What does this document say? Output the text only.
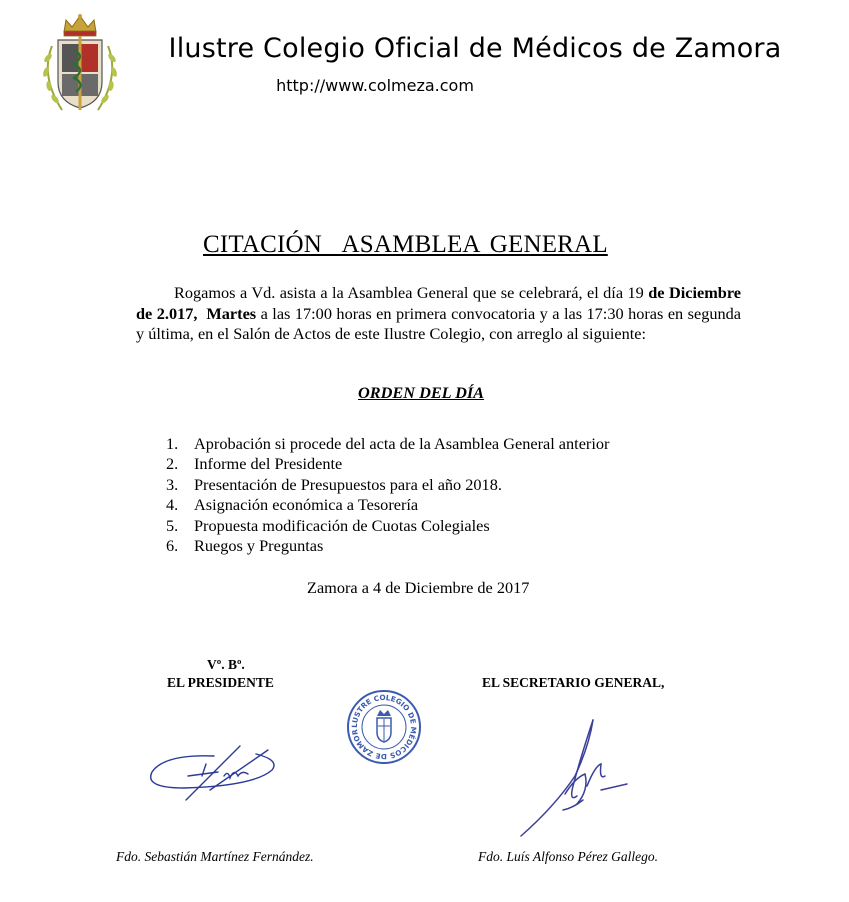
Ilustre Colegio Oficial de Médicos de Zamora
http://www.colmeza.com
CITACIÓN  ASAMBLEA GENERAL
Rogamos a Vd. asista a la Asamblea General que se celebrará, el día 19 de Diciembre de 2.017, Martes a las 17:00 horas en primera convocatoria y a las 17:30 horas en segunda y última, en el Salón de Actos de este Ilustre Colegio, con arreglo al siguiente:
ORDEN DEL DÍA
1. Aprobación si procede del acta de la Asamblea General anterior
2. Informe del Presidente
3. Presentación de Presupuestos para el año 2018.
4. Asignación económica a Tesorería
5. Propuesta modificación de Cuotas Colegiales
6. Ruegos y Preguntas
Zamora a 4 de Diciembre de 2017
Vº. Bº.
EL PRESIDENTE	EL SECRETARIO GENERAL,
LUSTRE COLEGIO DE MÉDICOS DE ZAMOR
Fdo. Sebastián Martínez Fernández.	Fdo. Luís Alfonso Pérez Gallego.
